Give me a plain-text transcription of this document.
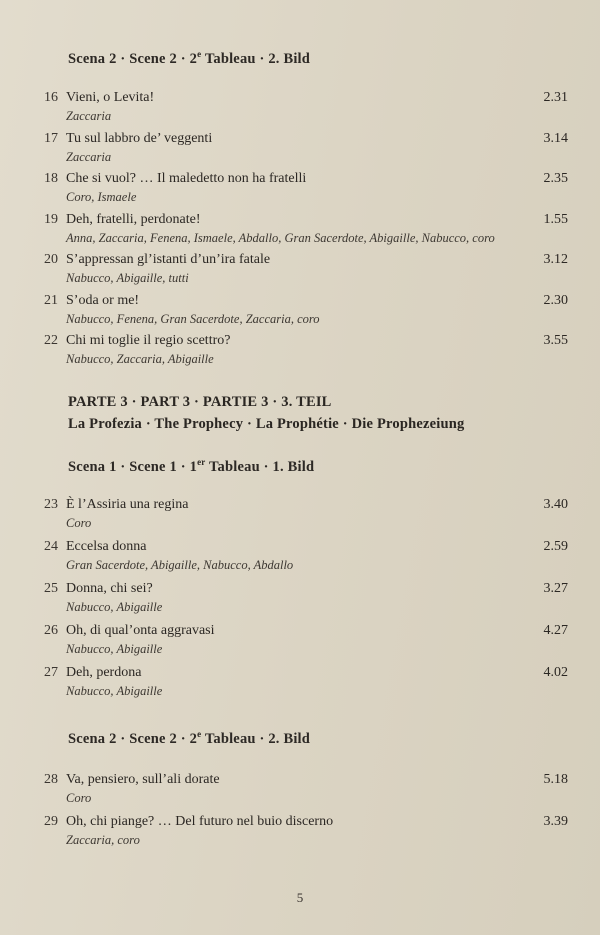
Scena 2 · Scene $2 \cdot 2^e$ Tableau · 2. Bild
16 Vieni, o Levita!	2.31
Zaccaria
17 Tu sul labbro de’ veggenti	3.14
Zaccaria
18 Che si vuol? … Il maledetto non ha fratelli	2.35
Coro, Ismaele
19 Deh, fratelli, perdonate!	1.55
Anna, Zaccaria, Fenena, Ismaele, Abdallo, Gran Sacerdote, Abigaille, Nabucco, coro
20 S’appressan gl’istanti d’un’ira fatale	3.12
Nabucco, Abigaille, tutti
21 S’oda or me!	2.30
Nabucco, Fenena, Gran Sacerdote, Zaccaria, coro
22 Chi mi toglie il regio scettro?	3.55
Nabucco, Zaccaria, Abigaille
PARTE 3 · PART 3 · PARTIE 3 · 3. TEIL
La Profezia · The Prophecy · La Prophétie · Die Prophezeiung
Scena 1 · Scene 1 · 1er Tableau · 1. Bild
23 È l’Assiria una regina	3.40
Coro
24 Eccelsa donna	2.59
Gran Sacerdote, Abigaille, Nabucco, Abdallo
25 Donna, chi sei?	3.27
Nabucco, Abigaille
26 Oh, di qual’onta aggravasi	4.27
Nabucco, Abigaille
27 Deh, perdona	4.02
Nabucco, Abigaille
Scena 2 · Scene $2 \cdot 2^e$ Tableau · 2. Bild
28 Va, pensiero, sull’ali dorate	5.18
Coro
29 Oh, chi piange? … Del futuro nel buio discerno	3.39
Zaccaria, coro
5
